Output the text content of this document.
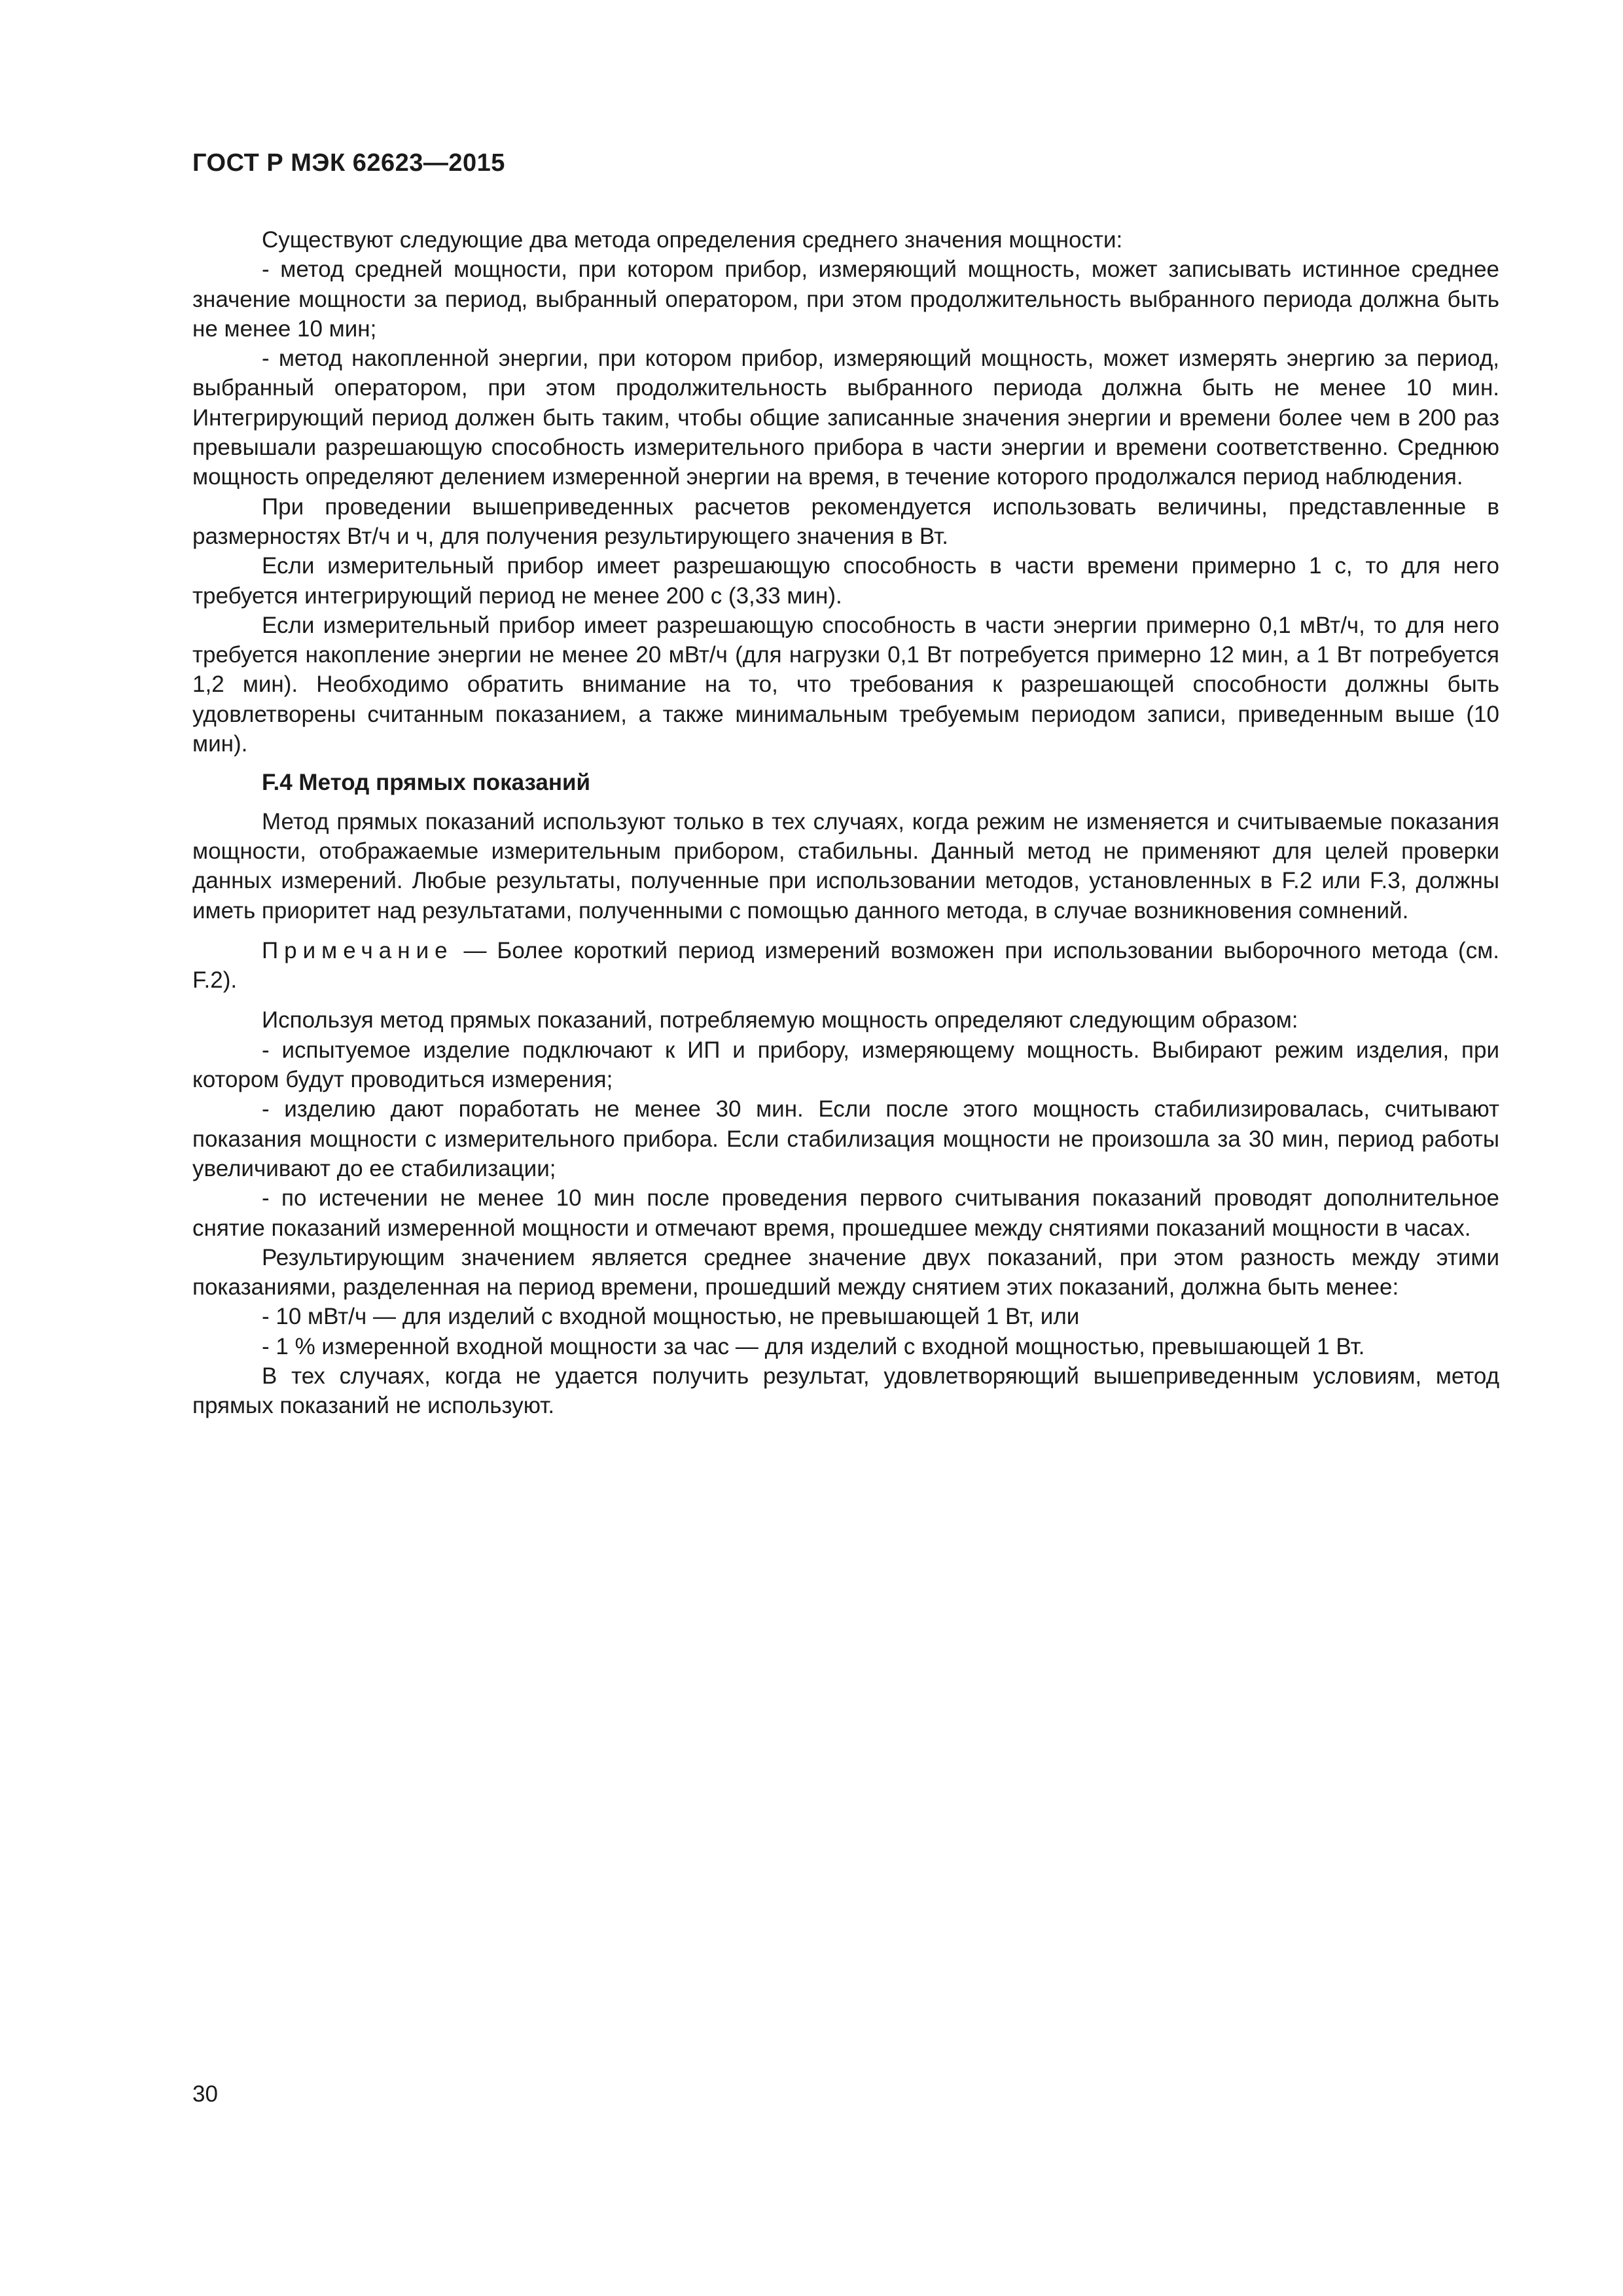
ГОСТ Р МЭК 62623—2015

Существуют следующие два метода определения среднего значения мощности:

- метод средней мощности, при котором прибор, измеряющий мощность, может записывать истинное среднее значение мощности за период, выбранный оператором, при этом продолжительность выбранного периода должна быть не менее 10 мин;

- метод накопленной энергии, при котором прибор, измеряющий мощность, может измерять энергию за период, выбранный оператором, при этом продолжительность выбранного периода должна быть не менее 10 мин. Интегрирующий период должен быть таким, чтобы общие записанные значения энергии и времени более чем в 200 раз превышали разрешающую способность измерительного прибора в части энергии и времени соответственно. Среднюю мощность определяют делением измеренной энергии на время, в течение которого продолжался период наблюдения.

При проведении вышеприведенных расчетов рекомендуется использовать величины, представленные в размерностях Вт/ч и ч, для получения результирующего значения в Вт.

Если измерительный прибор имеет разрешающую способность в части времени примерно 1 с, то для него требуется интегрирующий период не менее 200 с (3,33 мин).

Если измерительный прибор имеет разрешающую способность в части энергии примерно 0,1 мВт/ч, то для него требуется накопление энергии не менее 20 мВт/ч (для нагрузки 0,1 Вт потребуется примерно 12 мин, а 1 Вт потребуется 1,2 мин). Необходимо обратить внимание на то, что требования к разрешающей способности должны быть удовлетворены считанным показанием, а также минимальным требуемым периодом записи, приведенным выше (10 мин).

F.4 Метод прямых показаний

Метод прямых показаний используют только в тех случаях, когда режим не изменяется и считываемые показания мощности, отображаемые измерительным прибором, стабильны. Данный метод не применяют для целей проверки данных измерений. Любые результаты, полученные при использовании методов, установленных в F.2 или F.3, должны иметь приоритет над результатами, полученными с помощью данного метода, в случае возникновения сомнений.

Примечание — Более короткий период измерений возможен при использовании выборочного метода (см. F.2).

Используя метод прямых показаний, потребляемую мощность определяют следующим образом:

- испытуемое изделие подключают к ИП и прибору, измеряющему мощность. Выбирают режим изделия, при котором будут проводиться измерения;

- изделию дают поработать не менее 30 мин. Если после этого мощность стабилизировалась, считывают показания мощности с измерительного прибора. Если стабилизация мощности не произошла за 30 мин, период работы увеличивают до ее стабилизации;

- по истечении не менее 10 мин после проведения первого считывания показаний проводят дополнительное снятие показаний измеренной мощности и отмечают время, прошедшее между снятиями показаний мощности в часах.

Результирующим значением является среднее значение двух показаний, при этом разность между этими показаниями, разделенная на период времени, прошедший между снятием этих показаний, должна быть менее:

- 10 мВт/ч — для изделий с входной мощностью, не превышающей 1 Вт, или

- 1 % измеренной входной мощности за час — для изделий с входной мощностью, превышающей 1 Вт.

В тех случаях, когда не удается получить результат, удовлетворяющий вышеприведенным условиям, метод прямых показаний не используют.

30
